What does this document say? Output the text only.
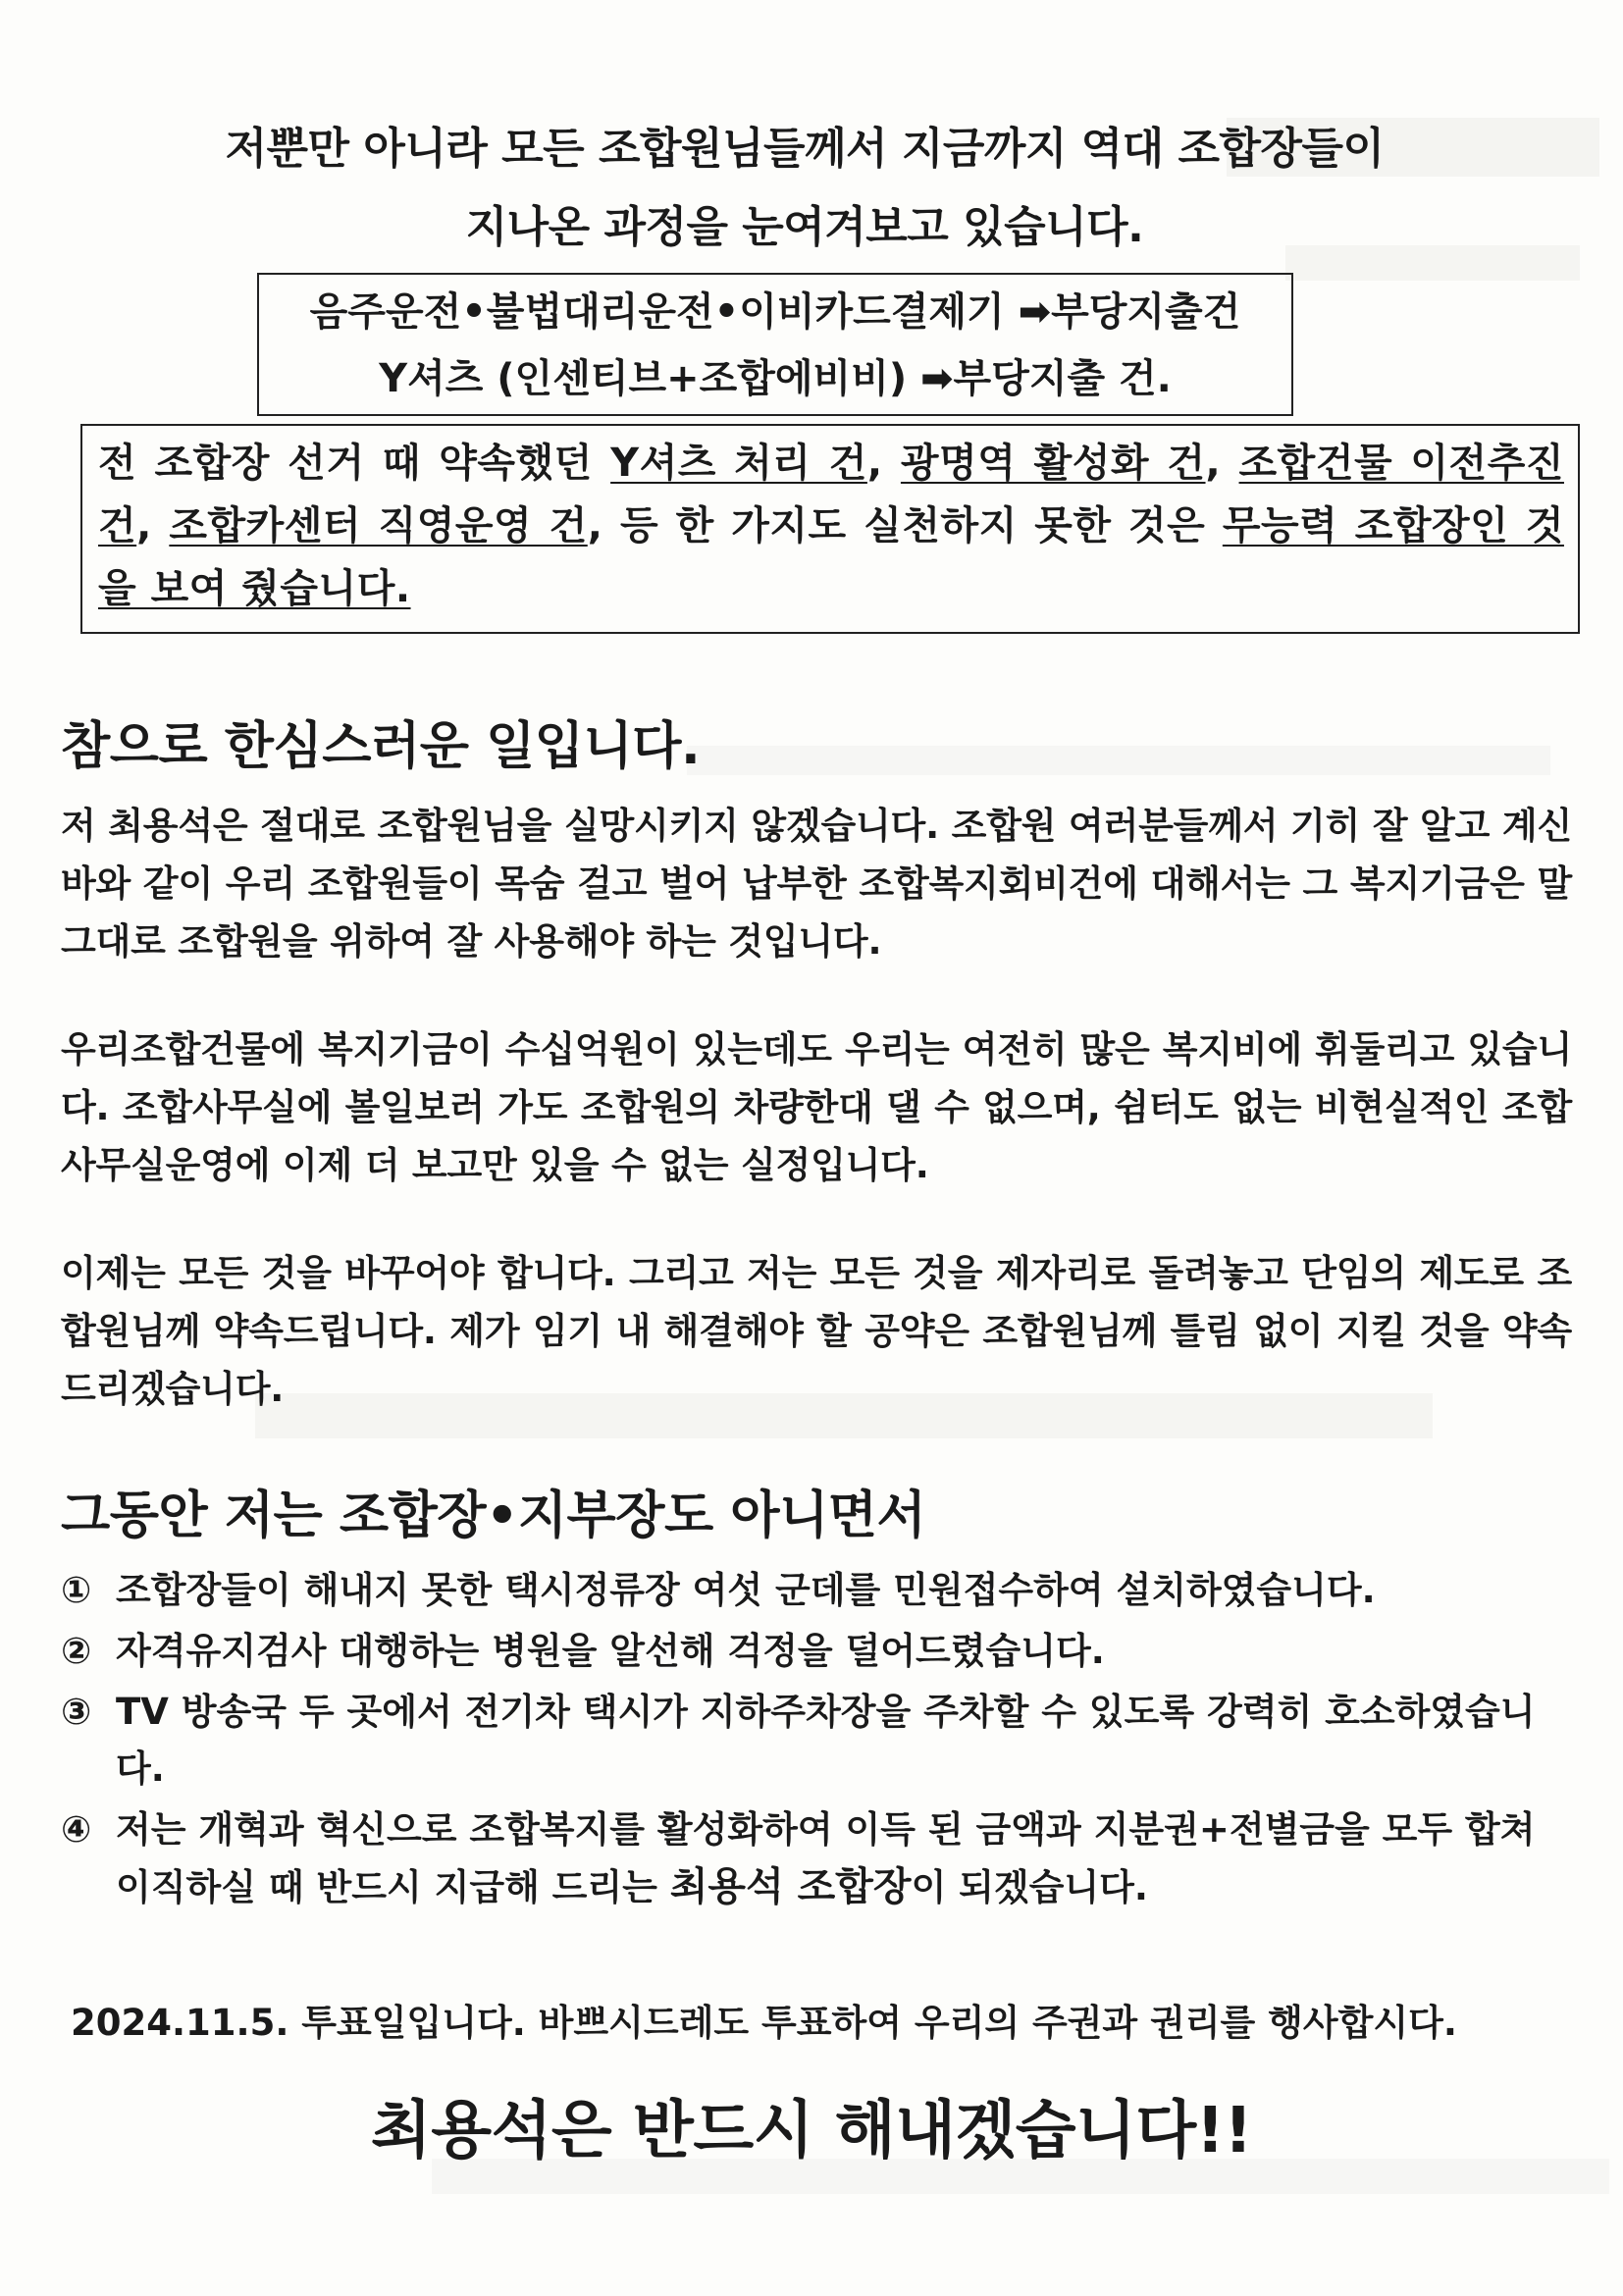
저뿐만 아니라 모든 조합원님들께서 지금까지 역대 조합장들이
지나온 과정을 눈여겨보고 있습니다.
음주운전•불법대리운전•이비카드결제기 ➡부당지출건
Y셔츠 (인센티브+조합에비비) ➡부당지출 건.
전 조합장 선거 때 약속했던 Y셔츠 처리 건, 광명역 활성화 건, 조합건물 이전추진 건, 조합카센터 직영운영 건, 등 한 가지도 실천하지 못한 것은 무능력 조합장인 것을 보여 줬습니다.
참으로 한심스러운 일입니다.
저 최용석은 절대로 조합원님을 실망시키지 않겠습니다. 조합원 여러분들께서 기히 잘 알고 계신바와 같이 우리 조합원들이 목숨 걸고 벌어 납부한 조합복지회비건에 대해서는 그 복지기금은 말 그대로 조합원을 위하여 잘 사용해야 하는 것입니다.
우리조합건물에 복지기금이 수십억원이 있는데도 우리는 여전히 많은 복지비에 휘둘리고 있습니다. 조합사무실에 볼일보러 가도 조합원의 차량한대 댈 수 없으며, 쉼터도 없는 비현실적인 조합사무실운영에 이제 더 보고만 있을 수 없는 실정입니다.
이제는 모든 것을 바꾸어야 합니다. 그리고 저는 모든 것을 제자리로 돌려놓고 단임의 제도로 조합원님께 약속드립니다. 제가 임기 내 해결해야 할 공약은 조합원님께 틀림 없이 지킬 것을 약속드리겠습니다.
그동안 저는 조합장•지부장도 아니면서
① 조합장들이 해내지 못한 택시정류장 여섯 군데를 민원접수하여 설치하였습니다.
② 자격유지검사 대행하는 병원을 알선해 걱정을 덜어드렸습니다.
③ TV 방송국 두 곳에서 전기차 택시가 지하주차장을 주차할 수 있도록 강력히 호소하였습니다.
④ 저는 개혁과 혁신으로 조합복지를 활성화하여 이득 된 금액과 지분권+전별금을 모두 합쳐 이직하실 때 반드시 지급해 드리는 최용석 조합장이 되겠습니다.
2024.11.5. 투표일입니다. 바쁘시드레도 투표하여 우리의 주권과 권리를 행사합시다.
최용석은 반드시 해내겠습니다!!
